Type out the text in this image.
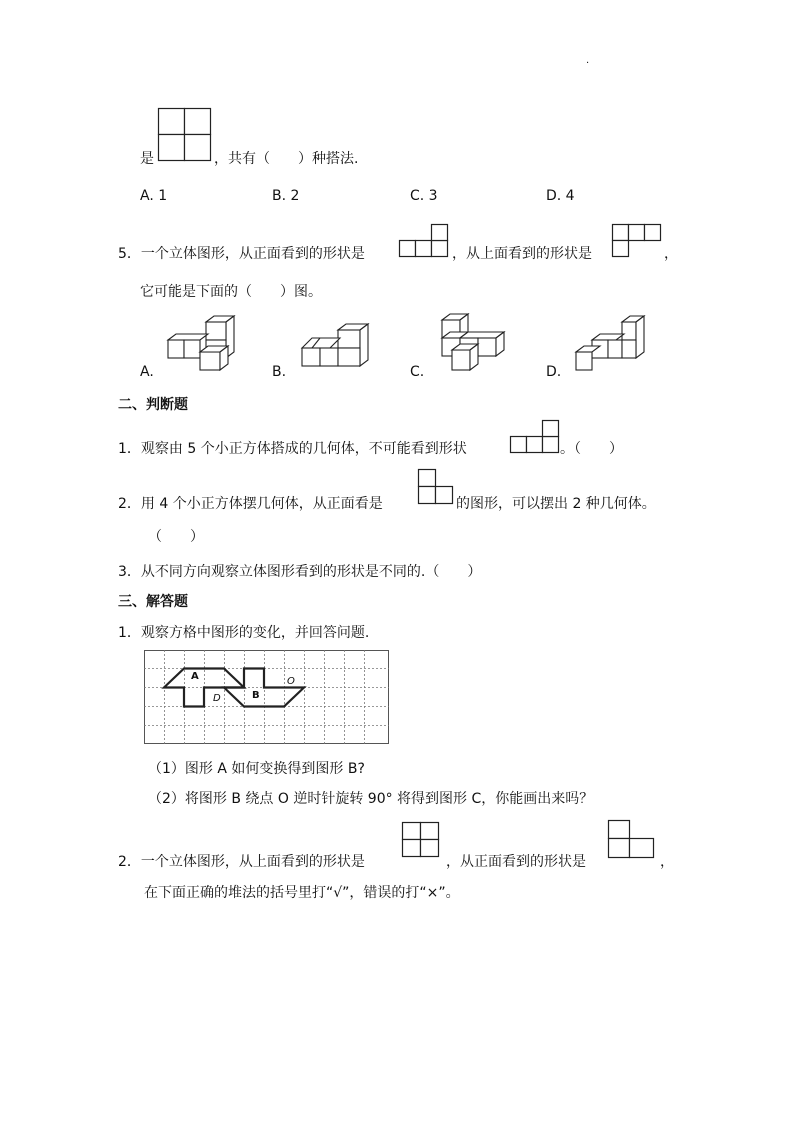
·
是	，共有（　　）种搭法.
A. 1	B. 2	C. 3	D. 4
5．一个立体图形，从正面看到的形状是	，从上面看到的形状是	，
它可能是下面的（　　）图。
A.	B.	C.	D.
二、判断题
1．观察由 5 个小正方体搭成的几何体，不可能看到形状	。（　　）
2．用 4 个小正方体摆几何体，从正面看是	的图形，可以摆出 2 种几何体。
（　　）
3．从不同方向观察立体图形看到的形状是不同的.（　　）
三、解答题
1．观察方格中图形的变化，并回答问题.
A
B
D
O
（1）图形 A 如何变换得到图形 B?
（2）将图形 B 绕点 O 逆时针旋转 90° 将得到图形 C，你能画出来吗？
2．一个立体图形，从上面看到的形状是	，从正面看到的形状是	，
在下面正确的堆法的括号里打“√”，错误的打“×”。
